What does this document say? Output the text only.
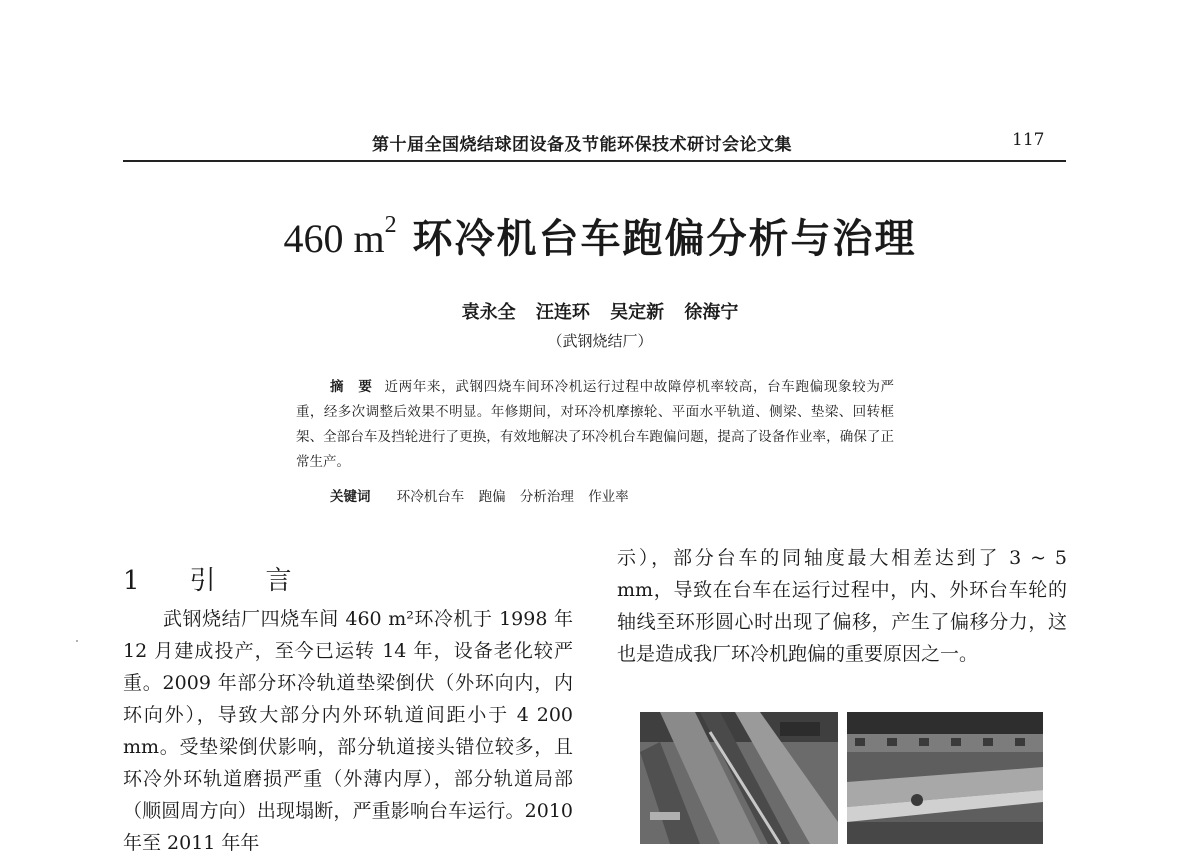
第十届全国烧结球团设备及节能环保技术研讨会论文集	117
460 $m^2$ 环冷机台车跑偏分析与治理
袁永全 汪连环 吴定新 徐海宁
（武钢烧结厂）
摘　要 近两年来，武钢四烧车间环冷机运行过程中故障停机率较高，台车跑偏现象较为严重，经多次调整后效果不明显。年修期间，对环冷机摩擦轮、平面水平轨道、侧梁、垫梁、回转框架、全部台车及挡轮进行了更换，有效地解决了环冷机台车跑偏问题，提高了设备作业率，确保了正常生产。
关键词 环冷机台车 跑偏 分析治理 作业率
1　引　言
武钢烧结厂四烧车间 460 m²环冷机于 1998 年 12 月建成投产，至今已运转 14 年，设备老化较严重。2009 年部分环冷轨道垫梁倒伏（外环向内，内环向外），导致大部分内外环轨道间距小于 4 200 mm。受垫梁倒伏影响，部分轨道接头错位较多，且环冷外环轨道磨损严重（外薄内厚），部分轨道局部（顺圆周方向）出现塌断，严重影响台车运行。2010 年至 2011 年年
示），部分台车的同轴度最大相差达到了 3 ~ 5 mm，导致在台车在运行过程中，内、外环台车轮的轴线至环形圆心时出现了偏移，产生了偏移分力，这也是造成我厂环冷机跑偏的重要原因之一。
